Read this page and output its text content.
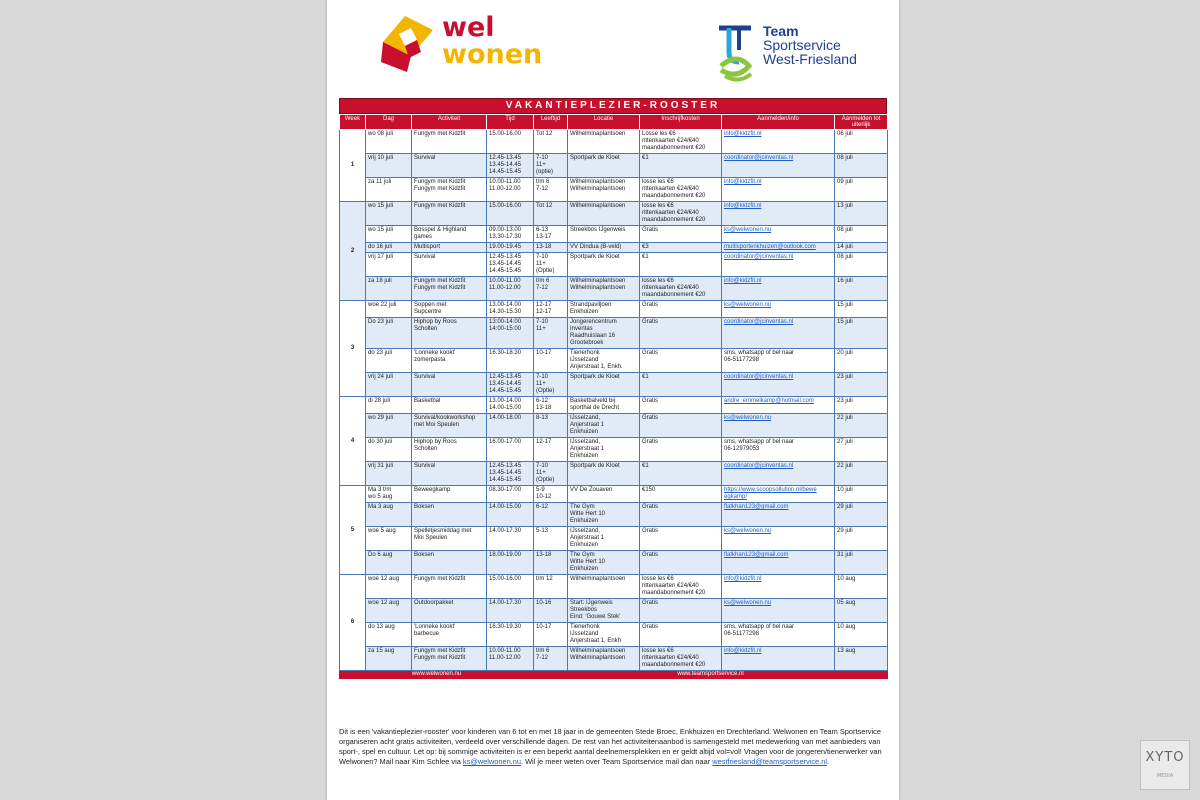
wel
wonen
Team
Sportservice
West-Friesland
VAKANTIEPLEZIER-ROOSTER
Week	Dag	Activiteit	Tijd	Leeftijd	Locatie	Inschrijfkosten	Aanmelden/info	Aanmelden tot uiterlijk
1	wo 08 juli	Fungym met Kidzfit	15.00-16.00	Tot 12	Wilhelminaplantsoen	Losse les €6
rittenkaarten €24/€40
maandabonnement €20	info@kidzfit.nl	06 juli
	vrij 10 juli	Survival	12.45-13.45
13.45-14.45
14.45-15.45	7-10
11+
(optie)	Sportpark de Kloet	€1	coordinator@jcinventas.nl	08 juli
	za 11 juli	Fungym met Kidzfit
Fungym met Kidzfit	10.00-11.00
11.00-12.00	t/m 6
7-12	Wilhelminaplantsoen
Wilhelminaplantsoen	losse les €6
rittenkaarten €24/€40
maandabonnement €20	info@kidzfit.nl	09 juli
2	wo 15 juli	Fungym met Kidzfit	15.00-16.00	Tot 12	Wilhelminaplantsoen	losse les €6
rittenkaarten €24/€40
maandabonnement €20	info@kidzfit.nl	13 juli
	wo 15 juli	Bosspel & Highland
games	09.00-13.00
13.30-17.30	6-13
13-17	Streekbos IJgenweis	Gratis	ks@welwonen.nu	08 juli
	do 16 juli	Multisport	19.00-19.45	13-18	VV Dindua (B-veld)	€3	multisportenkhuizen@outlook.com	14 juli
	vrij 17 juli	Survival	12.45-13.45
13.45-14.45
14.45-15.45	7-10
11+
(Optie)	Sportpark de Kloet	€1	coordinator@jcinventas.nl	08 juli
	za 18 juli	Fungym met Kidzfit
Fungym met Kidzfit	10.00-11.00
11.00-12.00	t/m 6
7-12	Wilhelminaplantsoen
Wilhelminaplantsoen	losse les €6
rittenkaarten €24/€40
maandabonnement €20	info@kidzfit.nl	16 juli
3	woe 22 juli	Soppen met
Supcentre	13.00-14.00
14.30-15.30	12-17
12-17	Strandpaviljoen
Enkhuizen	Gratis	ks@welwonen.nu	15 juli
	Do 23 juli	Hiphop by Roos
Scholten	13:00-14:00
14:00-15:00	7-10
11+	Jongerencentrum
Inventas
Raadhuislaan 16
Grootebroek	Gratis	coordinator@jcinventas.nl	15 juli
	do 23 juli	'Lonneke kookt'
zomerpasta	16.30-18.30	10-17	Tienerhonk
IJsselzand
Anjerstraat 1, Enkh.	Gratis	sms, whatsapp of bel naar
06-51177298	20 juli
	vrij 24 juli	Survival	12.45-13.45
13.45-14.45
14.45-15.45	7-10
11+
(Optie)	Sportpark de Kloet	€1	coordinator@jcinventas.nl	23 juli
4	di 28 juli	Basketbal	13.00-14.00
14.00-15.00	6-12
13-18	Basketbalveld bij
sporthal de Drecht	Gratis	andre_emmelkamp@hotmail.com	23 juli
	wo 29 juli	Survival/kookworkshop
met Moi Speulen	14.00-18.00	8-13	IJsselzand,
Anjerstraat 1
Enkhuizen	Gratis	ks@welwonen.nu	22 juli
	do 30 juli	Hiphop by Roos
Scholten	16.00-17.00	12-17	IJsselzand,
Anjerstraat 1
Enkhuizen	Gratis	sms, whatsapp of bel naar
06-12979053	27 juli
	vrij 31 juli	Survival	12.45-13.45
13.45-14.45
14.45-15.45	7-10
11+
(Optie)	Sportpark de Kloet	€1	coordinator@jcinventas.nl	22 juli
5	Ma 3 t/m
wo 5 aug	Beweegkamp	08.30-17.00	5-9
10-12	VV De Zouaven	€150	https://www.scoopsollution.nl/bewe
egkamp/	10 juli
	Ma 3 aug	Boksen	14.00-15.00	6-12	The Gym
Witte Hert 10
Enkhuizen	Gratis	flatkhan123@gmail.com	29 juli
	woe 5 aug	Spelletjesmiddag met
Moi Speulen	14.00-17.30	5-13	IJsselzand,
Anjerstraat 1
Enkhuizen	Gratis	ks@welwonen.nu	29 juli
	Do 6 aug	Boksen	18.00-19.00	13-18	The Gym
Witte Hert 10
Enkhuizen	Gratis	flatkhan123@gmail.com	31 juli
6	woe 12 aug	Fungym met Kidzfit	15.00-16.00	t/m 12	Wilhelminaplantsoen	losse les €6
rittenkaarten €24/€40
maandabonnement €20	info@kidzfit.nl	10 aug
	woe 12 aug	Outdoorpakket	14.00-17.30	10-16	Start: IJgenweis
Streekbos
Eind: 'Gouwe Stek'	Gratis	ks@welwonen.nu	05 aug
	do 13 aug	'Lonneke kookt'
barbecue	16.30-19.30	10-17	Tienerhonk
IJsselzand
Anjerstraat 1, Enkh	Gratis	sms, whatsapp of bel naar
06-51177298	10 aug
	za 15 aug	Fungym met Kidzfit
Fungym met Kidzfit	10.00-11.00
11.00-12.00	t/m 6
7-12	Wilhelminaplantsoen
Wilhelminaplantsoen	losse les €6
rittenkaarten €24/€40
maandabonnement €20	info@kidzfit.nl	13 aug
www.welwonen.nu				www.teamsportservice.nl				
Dit is een 'vakantieplezier-rooster' voor kinderen van 6 tot en met 18 jaar in de gemeenten Stede Broec, Enkhuizen en Drechterland. Welwonen en Team Sportservice organiseren acht gratis activiteiten, verdeeld over verschillende dagen. De rest van het activiteitenaanbod is samengesteld met medewerking van met aanbieders van sport-, spel en cultuur. Let op: bij sommige activiteiten is er een beperkt aantal deelnemersplekken en er geldt altijd vol=vol! Vragen voor de jongeren/tienerwerker van Welwonen? Mail naar Kim Schlee via ks@welwonen.nu. Wil je meer weten over Team Sportservice mail dan naar westfriesland@teamsportservice.nl.	XYTO
MEDIA
